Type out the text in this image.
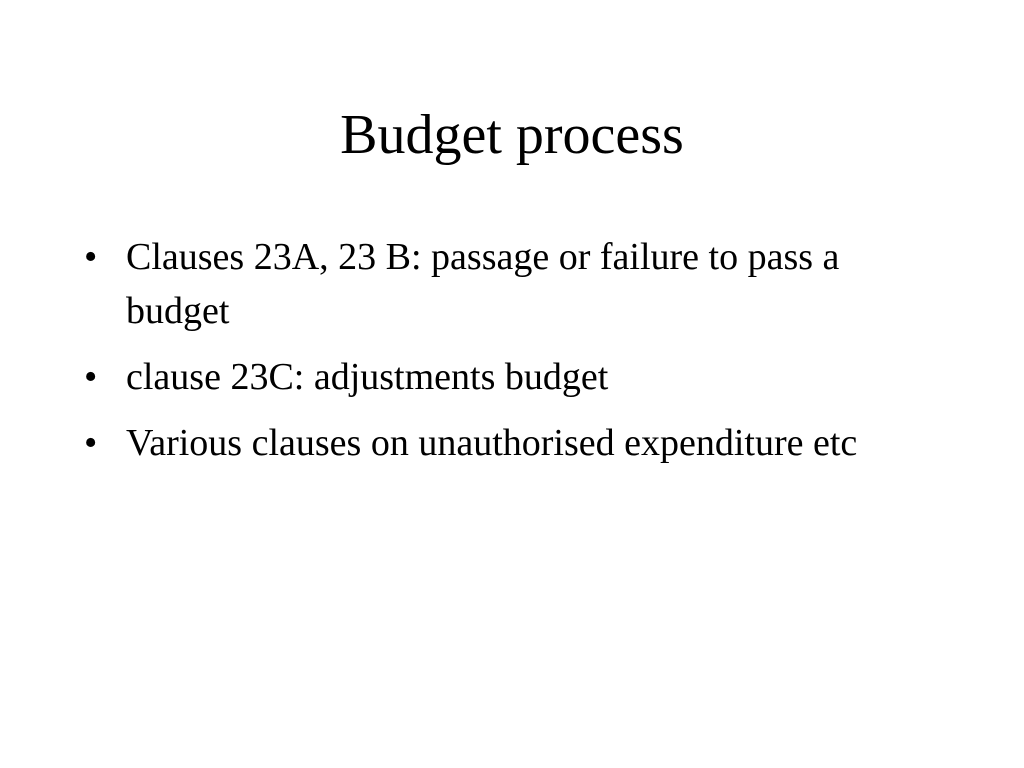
Budget process
• Clauses 23A, 23 B: passage or failure to pass a budget
• clause 23C: adjustments budget
• Various clauses on unauthorised expenditure etc
